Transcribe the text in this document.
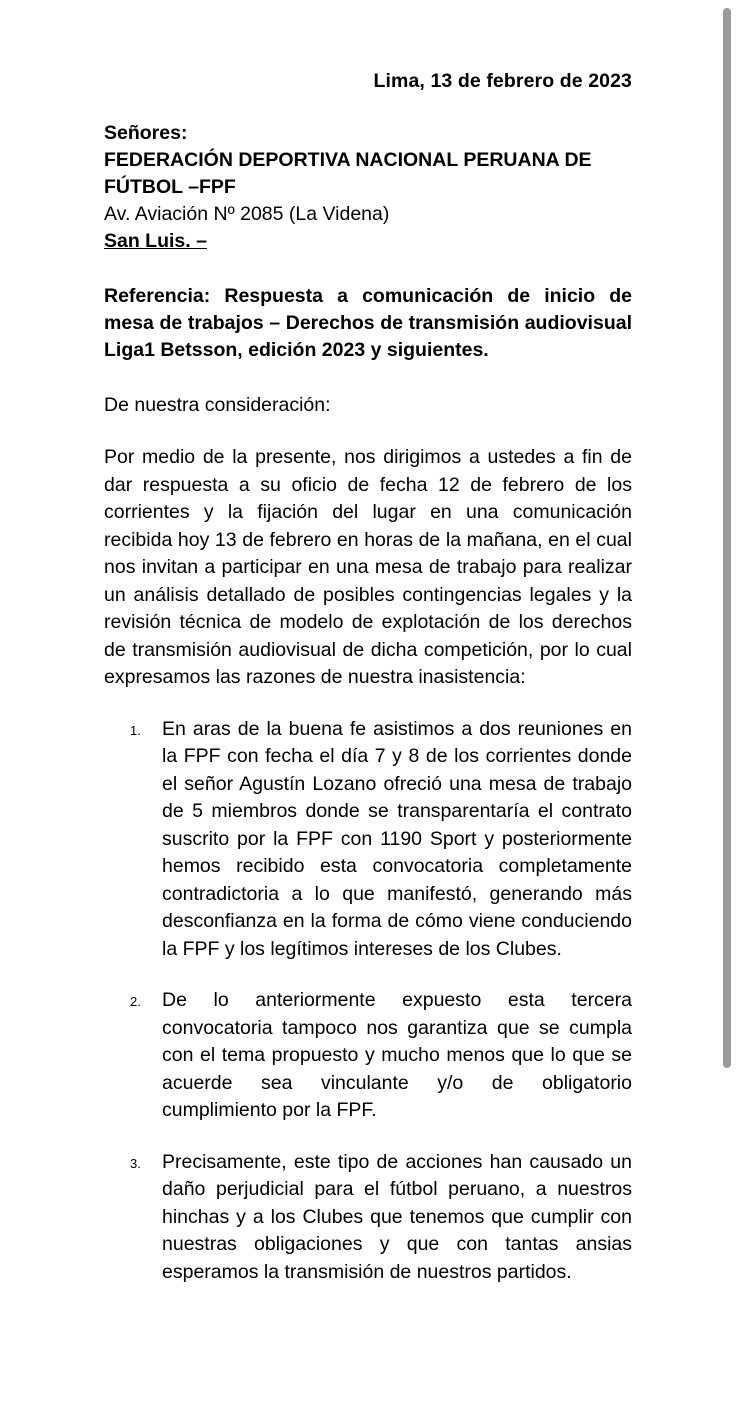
Lima, 13 de febrero de 2023
Señores:
FEDERACIÓN DEPORTIVA NACIONAL PERUANA DE FÚTBOL –FPF
Av. Aviación Nº 2085 (La Videna)
San Luis. –
Referencia: Respuesta a comunicación de inicio de mesa de trabajos – Derechos de transmisión audiovisual Liga1 Betsson, edición 2023 y siguientes.
De nuestra consideración:
Por medio de la presente, nos dirigimos a ustedes a fin de dar respuesta a su oficio de fecha 12 de febrero de los corrientes y la fijación del lugar en una comunicación recibida hoy 13 de febrero en horas de la mañana, en el cual nos invitan a participar en una mesa de trabajo para realizar un análisis detallado de posibles contingencias legales y la revisión técnica de modelo de explotación de los derechos de transmisión audiovisual de dicha competición, por lo cual expresamos las razones de nuestra inasistencia:
En aras de la buena fe asistimos a dos reuniones en la FPF con fecha el día 7 y 8 de los corrientes donde el señor Agustín Lozano ofreció una mesa de trabajo de 5 miembros donde se transparentaría el contrato suscrito por la FPF con 1190 Sport y posteriormente hemos recibido esta convocatoria completamente contradictoria a lo que manifestó, generando más desconfianza en la forma de cómo viene conduciendo la FPF y los legítimos intereses de los Clubes.
De lo anteriormente expuesto esta tercera convocatoria tampoco nos garantiza que se cumpla con el tema propuesto y mucho menos que lo que se acuerde sea vinculante y/o de obligatorio cumplimiento por la FPF.
Precisamente, este tipo de acciones han causado un daño perjudicial para el fútbol peruano, a nuestros hinchas y a los Clubes que tenemos que cumplir con nuestras obligaciones y que con tantas ansias esperamos la transmisión de nuestros partidos.
